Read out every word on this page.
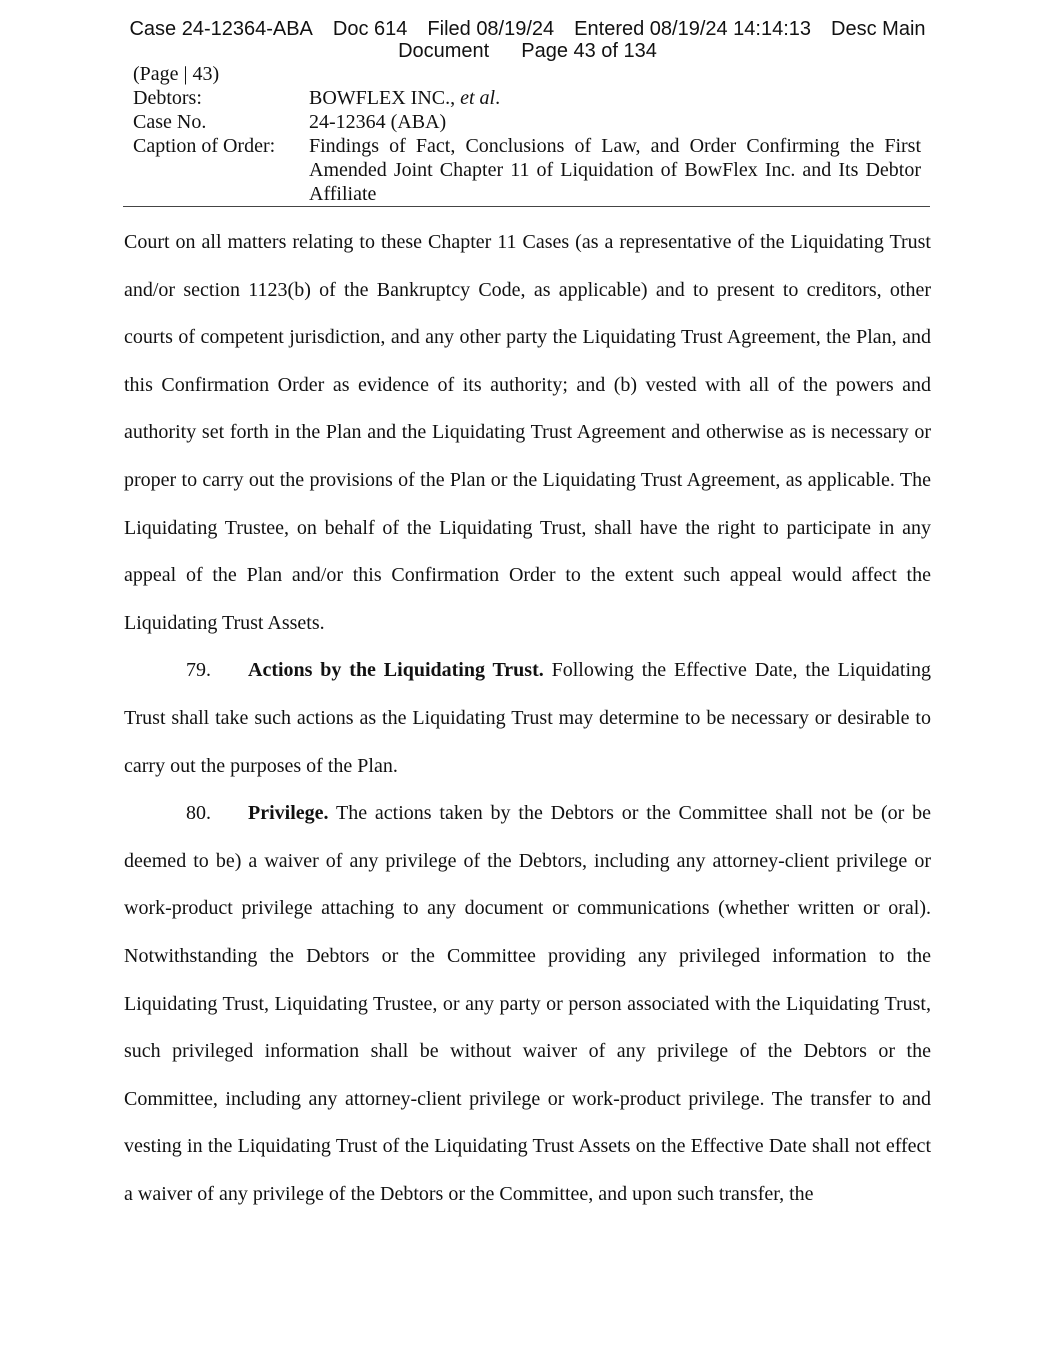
Case 24-12364-ABA Doc 614 Filed 08/19/24 Entered 08/19/24 14:14:13 Desc Main
Document Page 43 of 134
(Page | 43)
Debtors:	BOWFLEX INC., et al.
Case No.	24-12364 (ABA)
Caption of Order:	Findings of Fact, Conclusions of Law, and Order Confirming the First Amended Joint Chapter 11 of Liquidation of BowFlex Inc. and Its Debtor Affiliate

Court on all matters relating to these Chapter 11 Cases (as a representative of the Liquidating Trust and/or section 1123(b) of the Bankruptcy Code, as applicable) and to present to creditors, other courts of competent jurisdiction, and any other party the Liquidating Trust Agreement, the Plan, and this Confirmation Order as evidence of its authority; and (b) vested with all of the powers and authority set forth in the Plan and the Liquidating Trust Agreement and otherwise as is necessary or proper to carry out the provisions of the Plan or the Liquidating Trust Agreement, as applicable. The Liquidating Trustee, on behalf of the Liquidating Trust, shall have the right to participate in any appeal of the Plan and/or this Confirmation Order to the extent such appeal would affect the Liquidating Trust Assets.

79. Actions by the Liquidating Trust. Following the Effective Date, the Liquidating Trust shall take such actions as the Liquidating Trust may determine to be necessary or desirable to carry out the purposes of the Plan.

80. Privilege. The actions taken by the Debtors or the Committee shall not be (or be deemed to be) a waiver of any privilege of the Debtors, including any attorney-client privilege or work-product privilege attaching to any document or communications (whether written or oral). Notwithstanding the Debtors or the Committee providing any privileged information to the Liquidating Trust, Liquidating Trustee, or any party or person associated with the Liquidating Trust, such privileged information shall be without waiver of any privilege of the Debtors or the Committee, including any attorney-client privilege or work-product privilege. The transfer to and vesting in the Liquidating Trust of the Liquidating Trust Assets on the Effective Date shall not effect a waiver of any privilege of the Debtors or the Committee, and upon such transfer, the
